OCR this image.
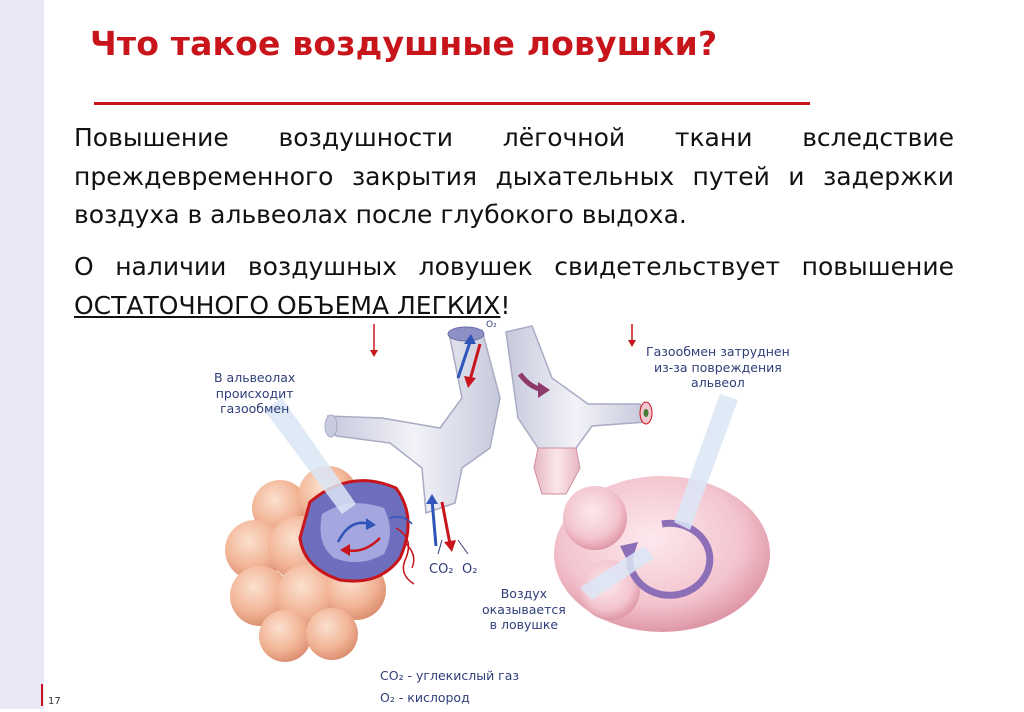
Что такое воздушные ловушки?

Повышение воздушности лёгочной ткани вследствие преждевременного закрытия дыхательных путей и задержки воздуха в альвеолах после глубокого выдоха.

О наличии воздушных ловушек свидетельствует повышение ОСТАТОЧНОГО ОБЪЕМА ЛЕГКИХ!

В альвеолах
происходит
газообмен
Газообмен затруднен
из-за повреждения
альвеол
Воздух
оказывается
в ловушке
CO₂ O₂
O₂
CO₂ - углекислый газ
O₂ - кислород
17
